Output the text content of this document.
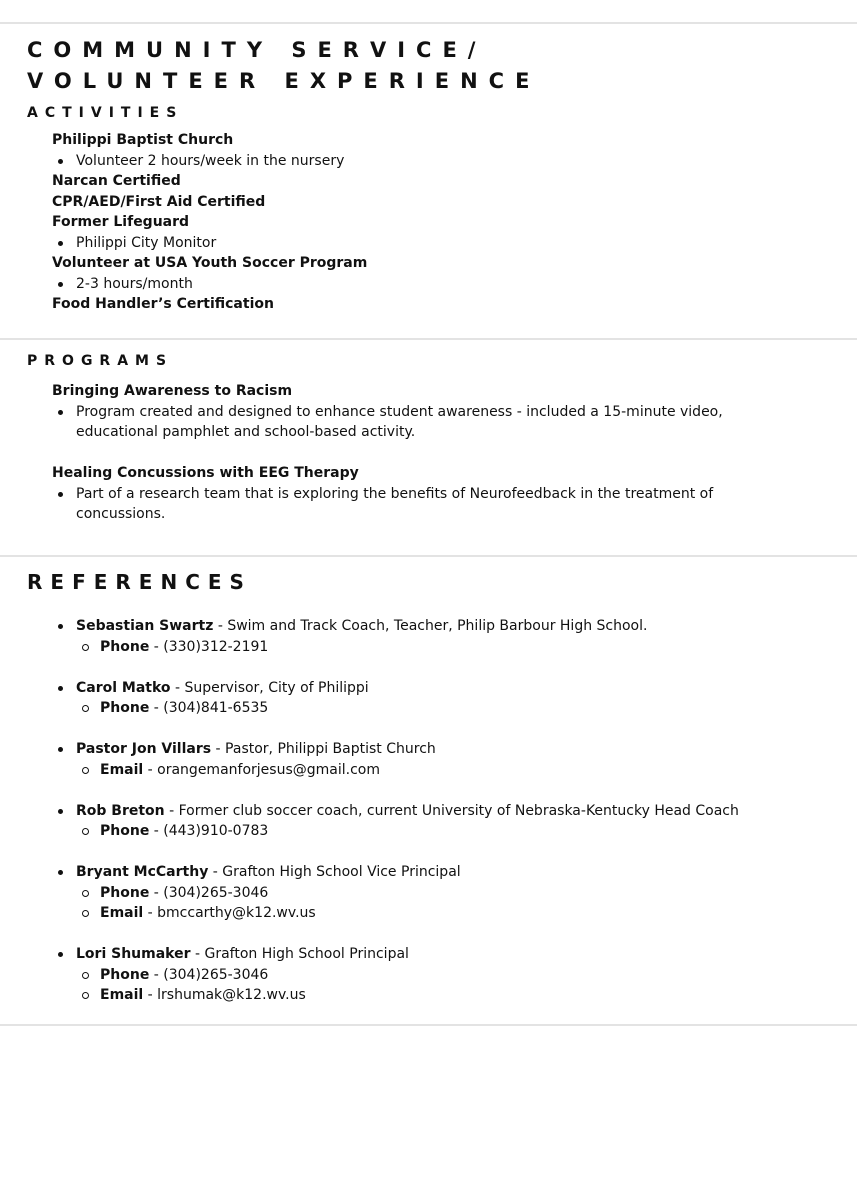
COMMUNITY SERVICE/
VOLUNTEER EXPERIENCE
ACTIVITIES
Philippi Baptist Church
Volunteer 2 hours/week in the nursery
Narcan Certified
CPR/AED/First Aid Certified
Former Lifeguard
Philippi City Monitor
Volunteer at USA Youth Soccer Program
2-3 hours/month
Food Handler’s Certification
PROGRAMS
Bringing Awareness to Racism
Program created and designed to enhance student awareness - included a 15-minute video,
educational pamphlet and school-based activity.
Healing Concussions with EEG Therapy
Part of a research team that is exploring the benefits of Neurofeedback in the treatment of
concussions.
REFERENCES
Sebastian Swartz - Swim and Track Coach, Teacher, Philip Barbour High School.
Phone - (330)312-2191
Carol Matko - Supervisor, City of Philippi
Phone - (304)841-6535
Pastor Jon Villars - Pastor, Philippi Baptist Church
Email - orangemanforjesus@gmail.com
Rob Breton - Former club soccer coach, current University of Nebraska-Kentucky Head Coach
Phone - (443)910-0783
Bryant McCarthy - Grafton High School Vice Principal
Phone - (304)265-3046
Email - bmccarthy@k12.wv.us
Lori Shumaker - Grafton High School Principal
Phone - (304)265-3046
Email - lrshumak@k12.wv.us
